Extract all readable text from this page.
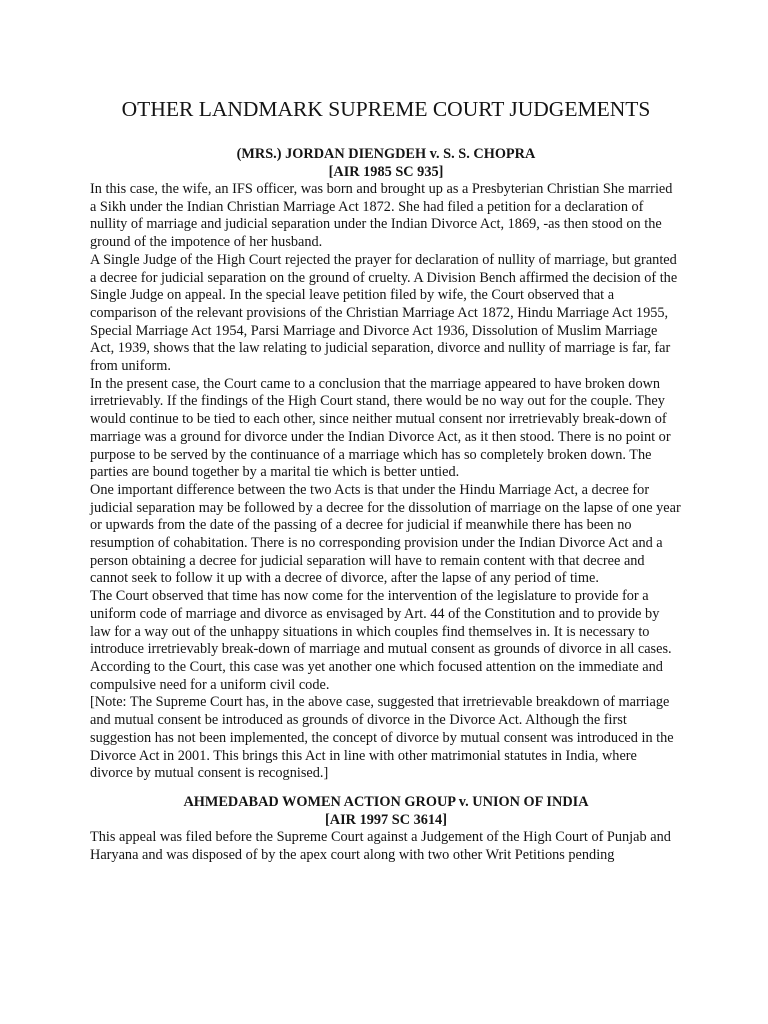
OTHER LANDMARK SUPREME COURT JUDGEMENTS
(MRS.) JORDAN DIENGDEH v. S. S. CHOPRA
[AIR 1985 SC 935]

In this case, the wife, an IFS officer, was born and brought up as a Presbyterian Christian She married a Sikh under the Indian Christian Marriage Act 1872. She had filed a petition for a declaration of nullity of marriage and judicial separation under the Indian Divorce Act, 1869, -as then stood on the ground of the impotence of her husband.

A Single Judge of the High Court rejected the prayer for declaration of nullity of marriage, but granted a decree for judicial separation on the ground of cruelty. A Division Bench affirmed the decision of the Single Judge on appeal. In the special leave petition filed by wife, the Court observed that a comparison of the relevant provisions of the Christian Marriage Act 1872, Hindu Marriage Act 1955, Special Marriage Act 1954, Parsi Marriage and Divorce Act 1936, Dissolution of Muslim Marriage Act, 1939, shows that the law relating to judicial separation, divorce and nullity of marriage is far, far from uniform.

In the present case, the Court came to a conclusion that the marriage appeared to have broken down irretrievably. If the findings of the High Court stand, there would be no way out for the couple. They would continue to be tied to each other, since neither mutual consent nor irretrievably break-down of marriage was a ground for divorce under the Indian Divorce Act, as it then stood. There is no point or purpose to be served by the continuance of a marriage which has so completely broken down. The parties are bound together by a marital tie which is better untied.

One important difference between the two Acts is that under the Hindu Marriage Act, a decree for judicial separation may be followed by a decree for the dissolution of marriage on the lapse of one year or upwards from the date of the passing of a decree for judicial if meanwhile there has been no resumption of cohabitation. There is no corresponding provision under the Indian Divorce Act and a person obtaining a decree for judicial separation will have to remain content with that decree and cannot seek to follow it up with a decree of divorce, after the lapse of any period of time.

The Court observed that time has now come for the intervention of the legislature to provide for a uniform code of marriage and divorce as envisaged by Art. 44 of the Constitution and to provide by law for a way out of the unhappy situations in which couples find themselves in. It is necessary to introduce irretrievably break-down of marriage and mutual consent as grounds of divorce in all cases.

According to the Court, this case was yet another one which focused attention on the immediate and compulsive need for a uniform civil code.

[Note: The Supreme Court has, in the above case, suggested that irretrievable breakdown of marriage and mutual consent be introduced as grounds of divorce in the Divorce Act. Although the first suggestion has not been implemented, the concept of divorce by mutual consent was introduced in the Divorce Act in 2001. This brings this Act in line with other matrimonial statutes in India, where divorce by mutual consent is recognised.]

AHMEDABAD WOMEN ACTION GROUP v. UNION OF INDIA
[AIR 1997 SC 3614]

This appeal was filed before the Supreme Court against a Judgement of the High Court of Punjab and Haryana and was disposed of by the apex court along with two other Writ Petitions pending
